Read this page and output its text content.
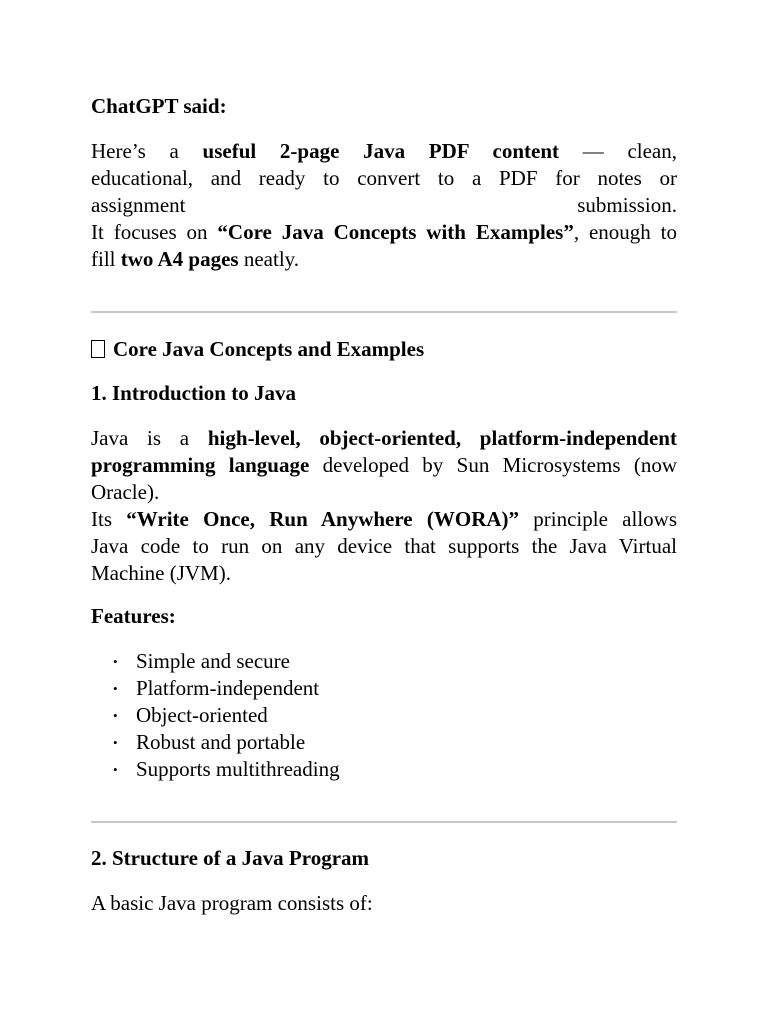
ChatGPT said:
Here’s a useful 2-page Java PDF content — clean,
educational, and ready to convert to a PDF for notes or
assignment submission.
It focuses on “Core Java Concepts with Examples”, enough to
fill two A4 pages neatly.
Core Java Concepts and Examples
1. Introduction to Java
Java is a high-level, object-oriented, platform-independent
programming language developed by Sun Microsystems (now
Oracle).
Its “Write Once, Run Anywhere (WORA)” principle allows
Java code to run on any device that supports the Java Virtual
Machine (JVM).
Features:
• Simple and secure
• Platform-independent
• Object-oriented
• Robust and portable
• Supports multithreading
2. Structure of a Java Program
A basic Java program consists of:
